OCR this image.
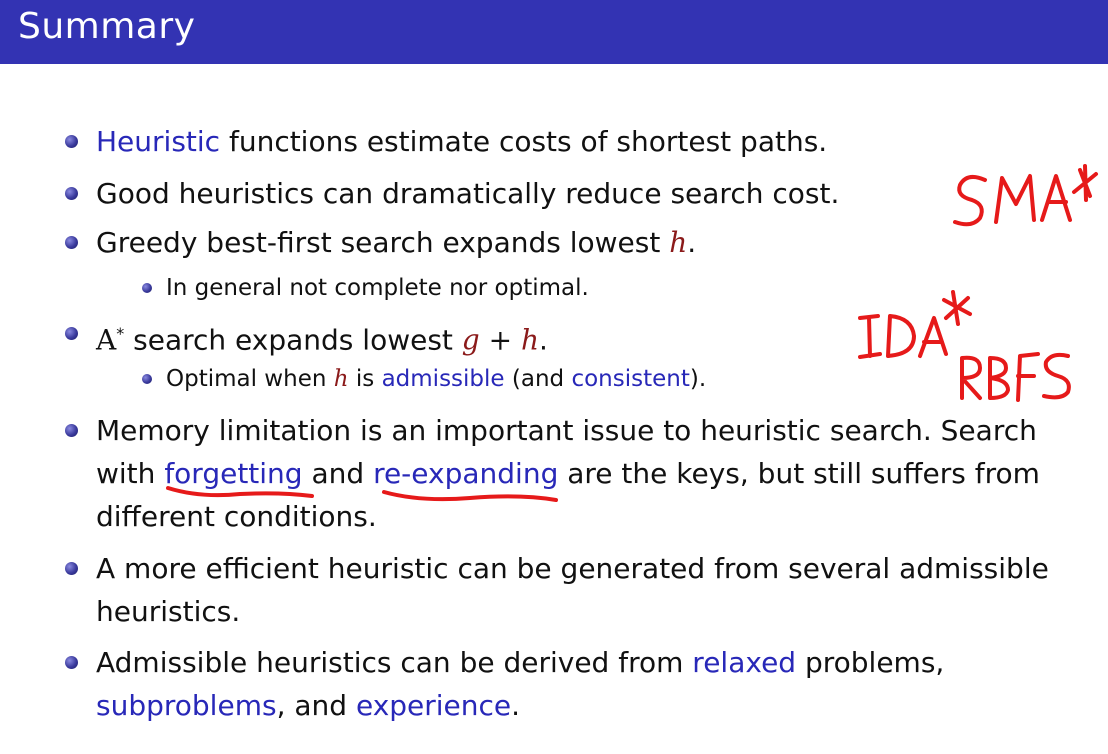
Summary
Heuristic functions estimate costs of shortest paths.
Good heuristics can dramatically reduce search cost.
Greedy best-first search expands lowest h.
In general not complete nor optimal.
A* search expands lowest g + h.
Optimal when h is admissible (and consistent).
Memory limitation is an important issue to heuristic search. Search with forgetting and re-expanding are the keys, but still suffers from different conditions.
A more efficient heuristic can be generated from several admissible heuristics.
Admissible heuristics can be derived from relaxed problems, subproblems, and experience.
